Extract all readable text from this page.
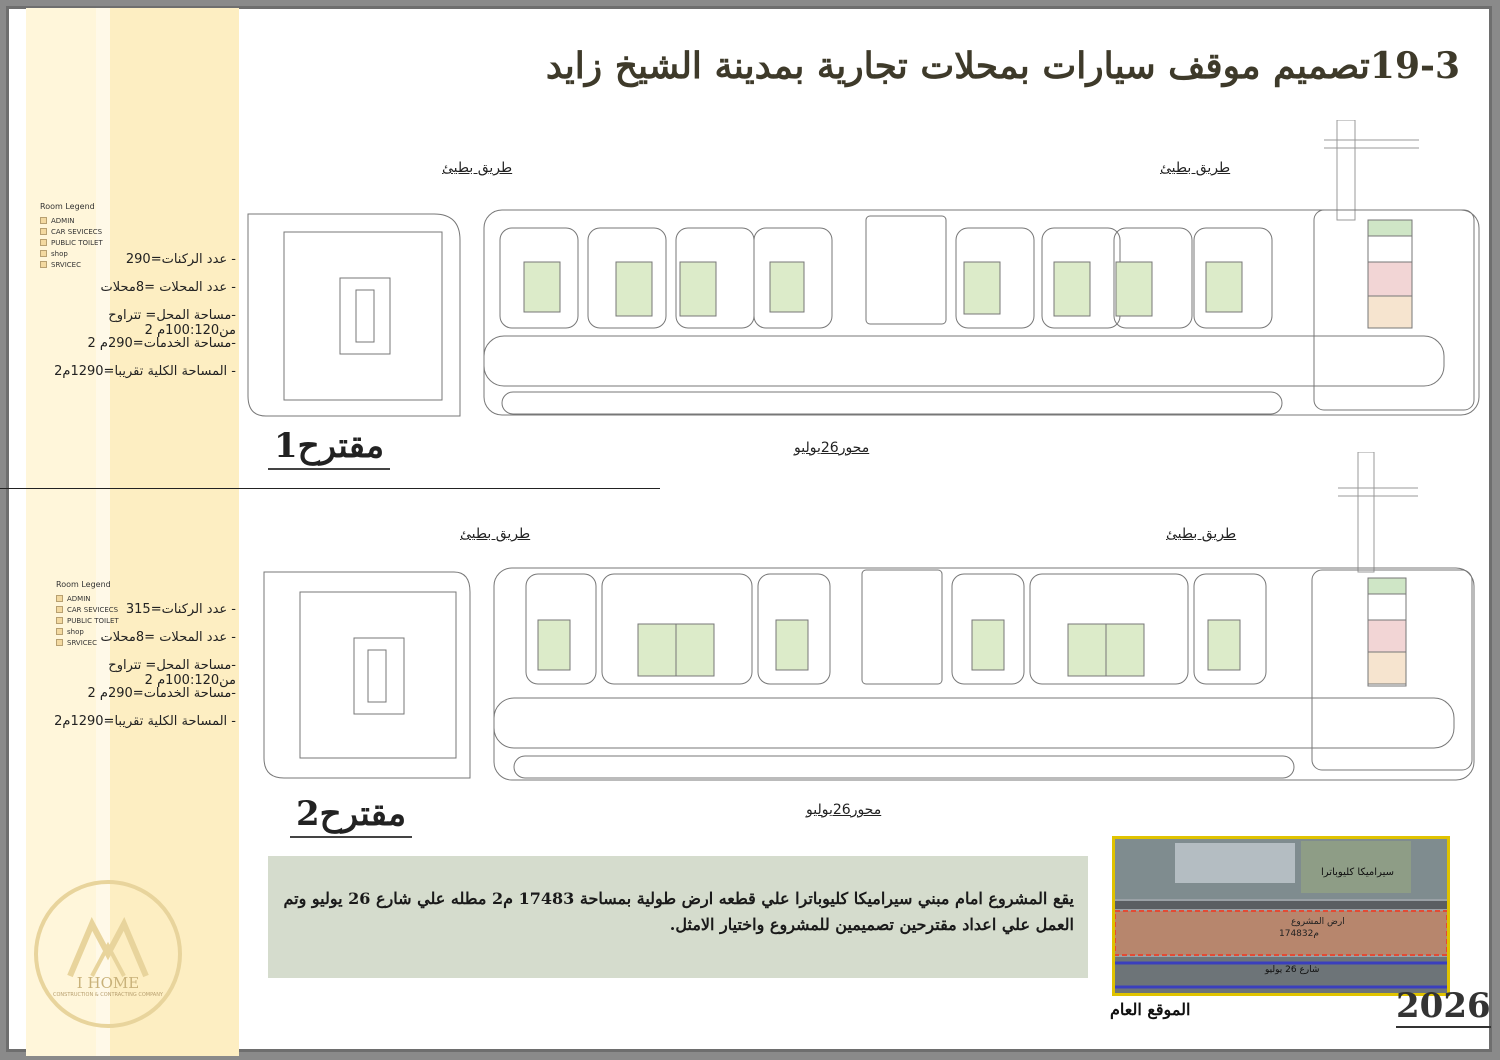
19-3تصميم موقف سيارات بمحلات تجارية بمدينة الشيخ زايد
Room Legend
ADMIN
CAR SEVICECS
PUBLIC TOILET
shop
SRVICEC	- عدد الركنات=290
- عدد المحلات =8محلات
-مساحة المحل= تتراوح من100:120م 2
-مساحة الخدمات=290م 2
- المساحة الكلية تقريبا=1290م2
مقترح1
طريق بطيئ	طريق بطيئ
محور26يوليو
Room Legend
ADMIN
CAR SEVICECS
PUBLIC TOILET
shop
SRVICEC
- عدد الركنات=315
- عدد المحلات =8محلات
-مساحة المحل= تتراوح من100:120م 2
-مساحة الخدمات=290م 2
- المساحة الكلية تقريبا=1290م2
مقترح2
طريق بطيئ	طريق بطيئ
محور26يوليو

يقع المشروع امام مبني سيراميكا كليوباترا علي قطعه ارض طولية بمساحة 17483 م2 مطله علي شارع 26 يوليو وتم العمل علي اعداد مقترحين تصميمين للمشروع واختيار الامثل.

سيراميكا كليوباترا
ارض المشروع
17483م2
شارع 26 يوليو
الموقع العام	2026
I HOME
CONSTRUCTION & CONTRACTING COMPANY
